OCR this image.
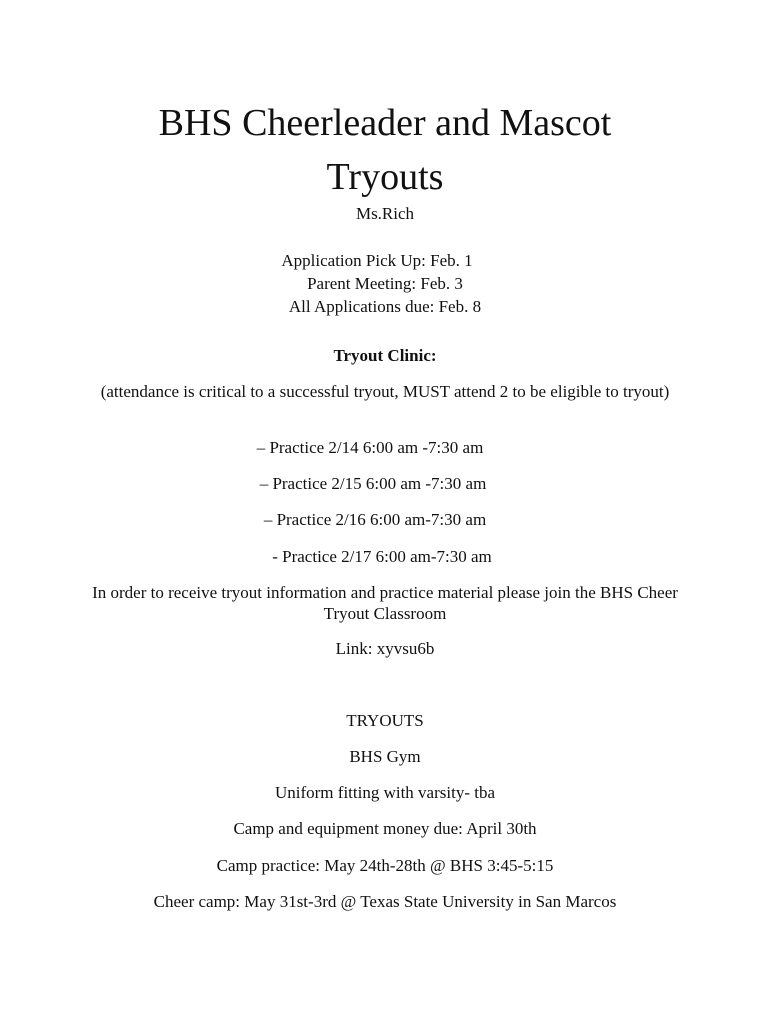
BHS Cheerleader and Mascot
Tryouts

Ms.Rich

Application Pick Up: Feb. 1

Parent Meeting: Feb. 3

All Applications due: Feb. 8

Tryout Clinic:

(attendance is critical to a successful tryout, MUST attend 2 to be eligible to tryout)

– Practice 2/14 6:00 am -7:30 am

– Practice 2/15 6:00 am -7:30 am

– Practice 2/16 6:00 am-7:30 am

- Practice 2/17 6:00 am-7:30 am

In order to receive tryout information and practice material please join the BHS Cheer Tryout Classroom

Link: xyvsu6b

TRYOUTS

BHS Gym

Uniform fitting with varsity- tba

Camp and equipment money due: April 30th

Camp practice: May 24th-28th @ BHS 3:45-5:15

Cheer camp: May 31st-3rd @ Texas State University in San Marcos
